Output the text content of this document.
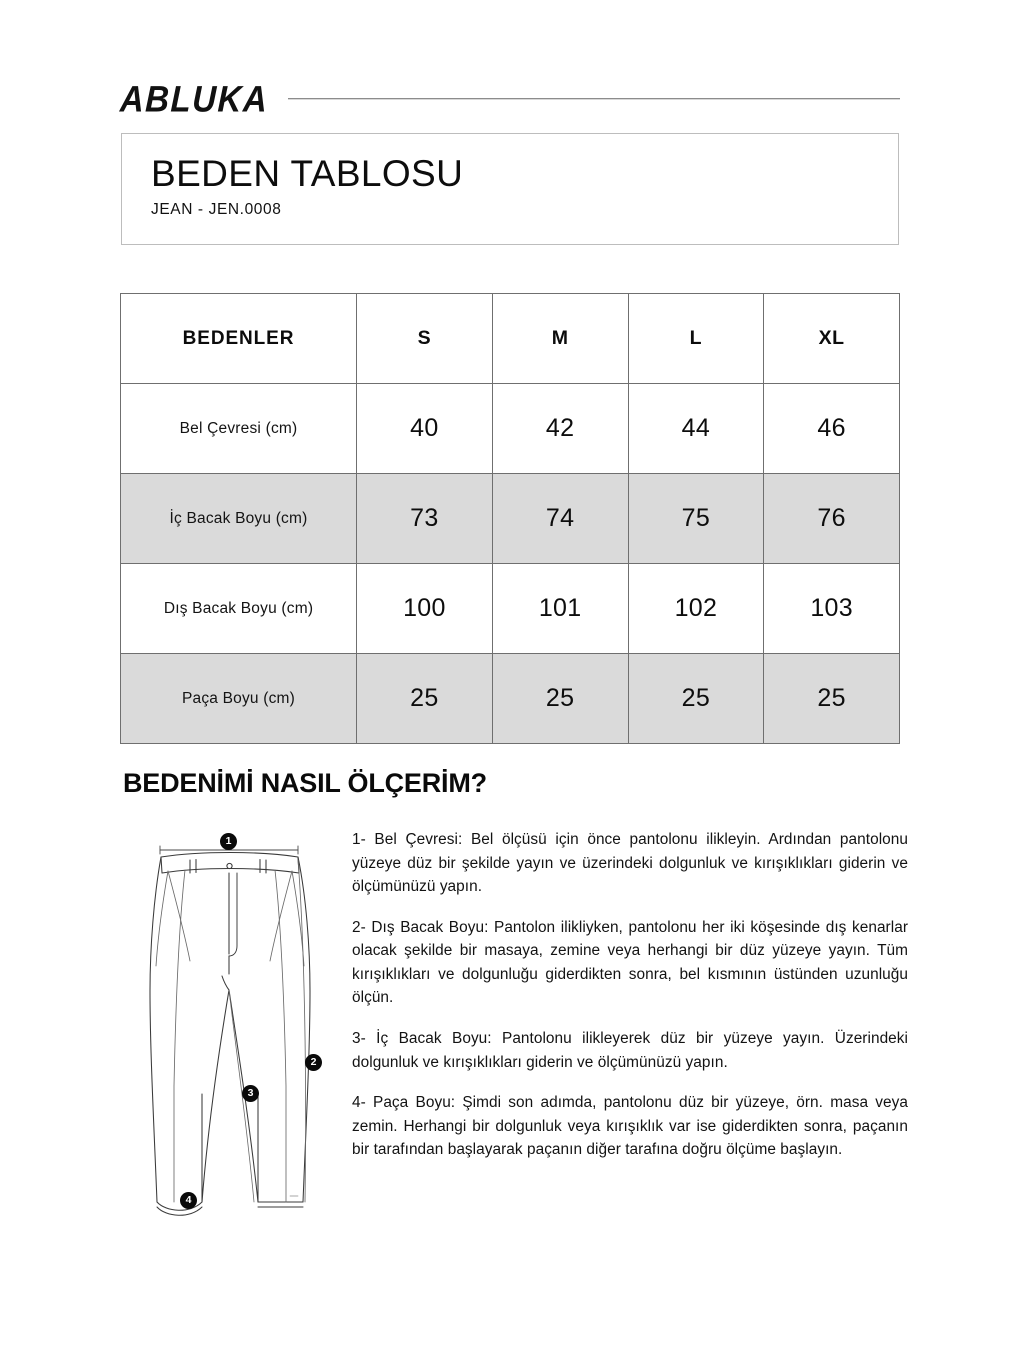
ABLUKA
BEDEN TABLOSU
JEAN - JEN.0008
BEDENLER	S	M	L	XL
Bel Çevresi (cm)	40	42	44	46
İç Bacak Boyu (cm)	73	74	75	76
Dış Bacak Boyu (cm)	100	101	102	103
Paça Boyu (cm)	25	25	25	25
BEDENİMİ NASIL ÖLÇERİM?
1
2
3
4

1- Bel Çevresi: Bel ölçüsü için önce pantolonu ilikleyin. Ardından pantolonu yüzeye düz bir şekilde yayın ve üzerindeki dolgunluk ve kırışıklıkları giderin ve ölçümünüzü yapın.

2- Dış Bacak Boyu: Pantolon ilikliyken, pantolonu her iki köşesinde dış kenarlar olacak şekilde bir masaya, zemine veya herhangi bir düz yüzeye yayın. Tüm kırışıklıkları ve dolgunluğu giderdikten sonra, bel kısmının üstünden uzunluğu ölçün.

3- İç Bacak Boyu: Pantolonu ilikleyerek düz bir yüzeye yayın. Üzerindeki dolgunluk ve kırışıklıkları giderin ve ölçümünüzü yapın.

4- Paça Boyu: Şimdi son adımda, pantolonu düz bir yüzeye, örn. masa veya zemin. Herhangi bir dolgunluk veya kırışıklık var ise giderdikten sonra, paçanın bir tarafından başlayarak paçanın diğer tarafına doğru ölçüme başlayın.
